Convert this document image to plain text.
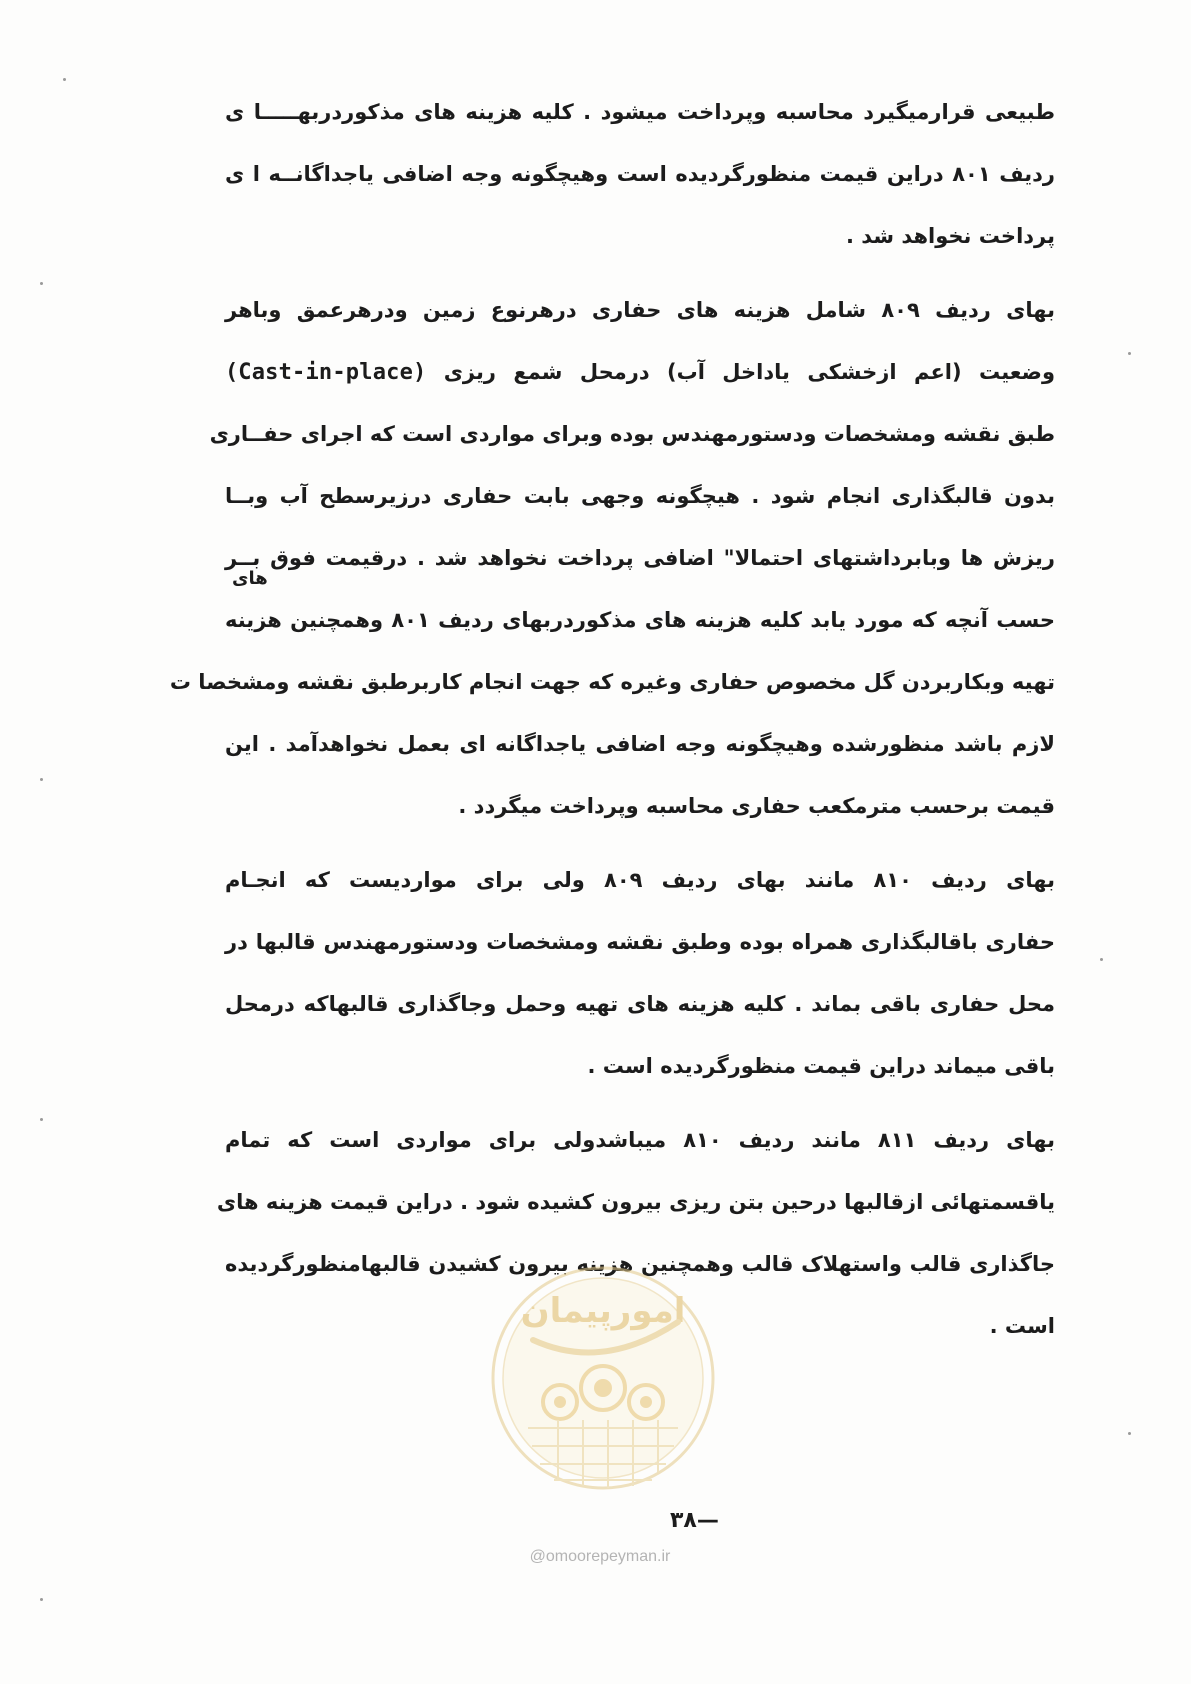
طبیعی قرارمیگیرد محاسبه وپرداخت میشود . کلیه هزینه های مذکوردربهـــــا ی
ردیف ۸۰۱ دراین قیمت منظورگردیده است وهیچگونه وجه اضافی یاجداگانــه ا ی
پرداخت نخواهد شد .
بهای ردیف ۸۰۹ شامل هزینه های حفاری درهرنوع زمین ودرهرعمق وباهر
وضعیت (اعم ازخشکی یاداخل آب) درمحل شمع ریزی (Cast-in-place)
طبق نقشه ومشخصات ودستورمهندس بوده وبرای مواردی است که اجرای حفــاری
بدون قالبگذاری انجام شود . هیچگونه وجهی بابت حفاری درزیرسطح آب وبــا
ریزش ها وبابرداشتهای احتمالا" اضافی پرداخت نخواهد شد . درقیمت فوق بــر
حسب آنچه که مورد یابد کلیه هزینه های مذکوردربهای ردیف ۸۰۱ وهمچنین هزینه
تهیه وبکاربردن گل مخصوص حفاری وغیره که جهت انجام کاربرطبق نقشه ومشخصا ت
لازم باشد منظورشده وهیچگونه وجه اضافی یاجداگانه ای بعمل نخواهدآمد . این
قیمت برحسب مترمکعب حفاری محاسبه وپرداخت میگردد .
بهای ردیف ۸۱۰ مانند بهای ردیف ۸۰۹ ولی برای مواردیست که انجـام
حفاری باقالبگذاری همراه بوده وطبق نقشه ومشخصات ودستورمهندس قالبها در
محل حفاری باقی بماند . کلیه هزینه های تهیه وحمل وجاگذاری قالبهاکه درمحل
باقی میماند دراین قیمت منظورگردیده است .
بهای ردیف ۸۱۱ مانند ردیف ۸۱۰ میباشدولی برای مواردی است که تمام
یاقسمتهائی ازقالبها درحین بتن ریزی بیرون کشیده شود . دراین قیمت هزینه های
جاگذاری قالب واستهلاک قالب وهمچنین هزینه بیرون کشیدن قالبهامنظورگردیده
است .
های
امورپیمان
۳۸—
@omoorepeyman.ir
